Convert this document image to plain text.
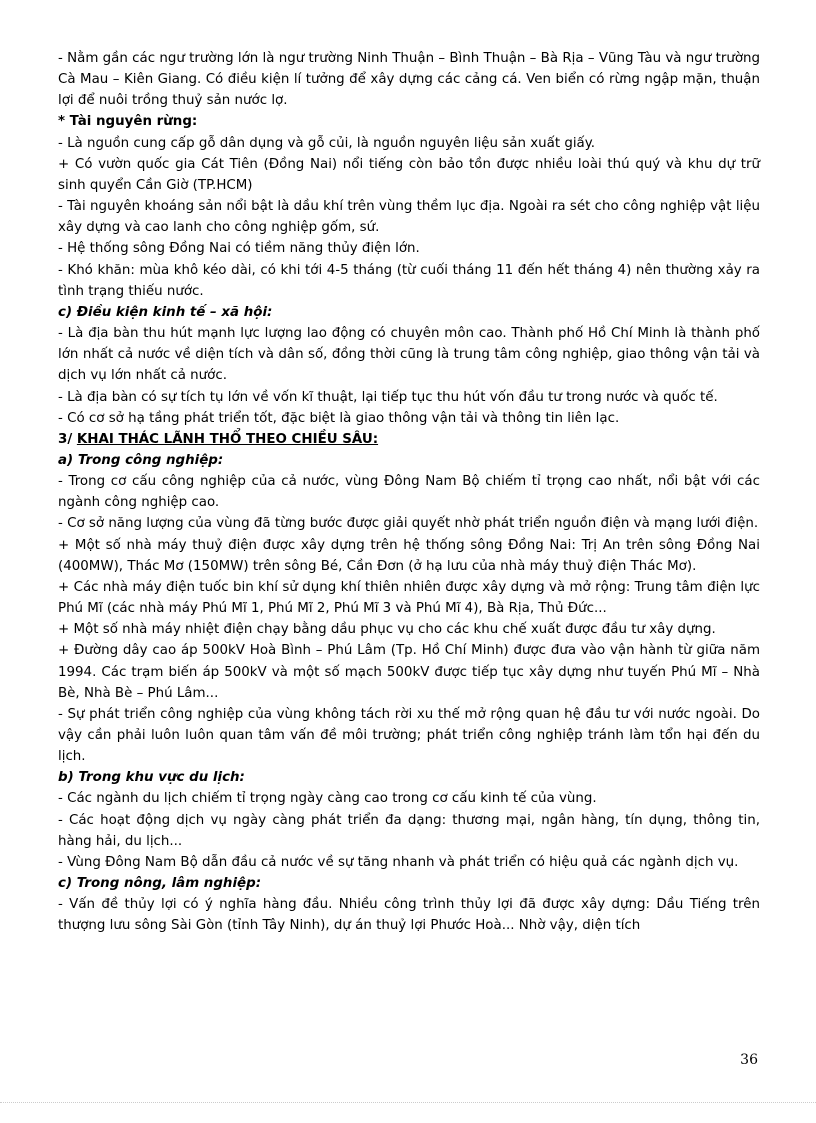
- Nằm gần các ngư trường lớn là ngư trường Ninh Thuận – Bình Thuận – Bà Rịa – Vũng Tàu và ngư trường Cà Mau – Kiên Giang. Có điều kiện lí tưởng để xây dựng các cảng cá. Ven biển có rừng ngập mặn, thuận lợi để nuôi trồng thuỷ sản nước lợ.

* Tài nguyên rừng:

- Là nguồn cung cấp gỗ dân dụng và gỗ củi, là nguồn nguyên liệu sản xuất giấy.

+ Có vườn quốc gia Cát Tiên (Đồng Nai) nổi tiếng còn bảo tồn được nhiều loài thú quý và khu dự trữ sinh quyển Cần Giờ (TP.HCM)

- Tài nguyên khoáng sản nổi bật là dầu khí trên vùng thềm lục địa. Ngoài ra sét cho công nghiệp vật liệu xây dựng và cao lanh cho công nghiệp gốm, sứ.

- Hệ thống sông Đồng Nai có tiềm năng thủy điện lớn.

- Khó khăn: mùa khô kéo dài, có khi tới 4-5 tháng (từ cuối tháng 11 đến hết tháng 4) nên thường xảy ra tình trạng thiếu nước.

c) Điều kiện kinh tế – xã hội:

- Là địa bàn thu hút mạnh lực lượng lao động có chuyên môn cao. Thành phố Hồ Chí Minh là thành phố lớn nhất cả nước về diện tích và dân số, đồng thời cũng là trung tâm công nghiệp, giao thông vận tải và dịch vụ lớn nhất cả nước.

- Là địa bàn có sự tích tụ lớn về vốn kĩ thuật, lại tiếp tục thu hút vốn đầu tư trong nước và quốc tế.

- Có cơ sở hạ tầng phát triển tốt, đặc biệt là giao thông vận tải và thông tin liên lạc.

3/ KHAI THÁC LÃNH THỔ THEO CHIỀU SÂU:

a) Trong công nghiệp:

- Trong cơ cấu công nghiệp của cả nước, vùng Đông Nam Bộ chiếm tỉ trọng cao nhất, nổi bật với các ngành công nghiệp cao.

- Cơ sở năng lượng của vùng đã từng bước được giải quyết nhờ phát triển nguồn điện và mạng lưới điện.

+ Một số nhà máy thuỷ điện được xây dựng trên hệ thống sông Đồng Nai: Trị An trên sông Đồng Nai (400MW), Thác Mơ (150MW) trên sông Bé, Cần Đơn (ở hạ lưu của nhà máy thuỷ điện Thác Mơ).

+ Các nhà máy điện tuốc bin khí sử dụng khí thiên nhiên được xây dựng và mở rộng: Trung tâm điện lực Phú Mĩ (các nhà máy Phú Mĩ 1, Phú Mĩ 2, Phú Mĩ 3 và Phú Mĩ 4), Bà Rịa, Thủ Đức...

+ Một số nhà máy nhiệt điện chạy bằng dầu phục vụ cho các khu chế xuất được đầu tư xây dựng.

+ Đường dây cao áp 500kV Hoà Bình – Phú Lâm (Tp. Hồ Chí Minh) được đưa vào vận hành từ giữa năm 1994. Các trạm biến áp 500kV và một số mạch 500kV được tiếp tục xây dựng như tuyến Phú Mĩ – Nhà Bè, Nhà Bè – Phú Lâm...

- Sự phát triển công nghiệp của vùng không tách rời xu thế mở rộng quan hệ đầu tư với nước ngoài. Do vậy cần phải luôn luôn quan tâm vấn đề môi trường; phát triển công nghiệp tránh làm tổn hại đến du lịch.

b) Trong khu vực du lịch:

- Các ngành du lịch chiếm tỉ trọng ngày càng cao trong cơ cấu kinh tế của vùng.

- Các hoạt động dịch vụ ngày càng phát triển đa dạng: thương mại, ngân hàng, tín dụng, thông tin, hàng hải, du lịch...

- Vùng Đông Nam Bộ dẫn đầu cả nước về sự tăng nhanh và phát triển có hiệu quả các ngành dịch vụ.

c) Trong nông, lâm nghiệp:

- Vấn đề thủy lợi có ý nghĩa hàng đầu. Nhiều công trình thủy lợi đã được xây dựng: Dầu Tiếng trên thượng lưu sông Sài Gòn (tỉnh Tây Ninh), dự án thuỷ lợi Phước Hoà... Nhờ vậy, diện tích

36
